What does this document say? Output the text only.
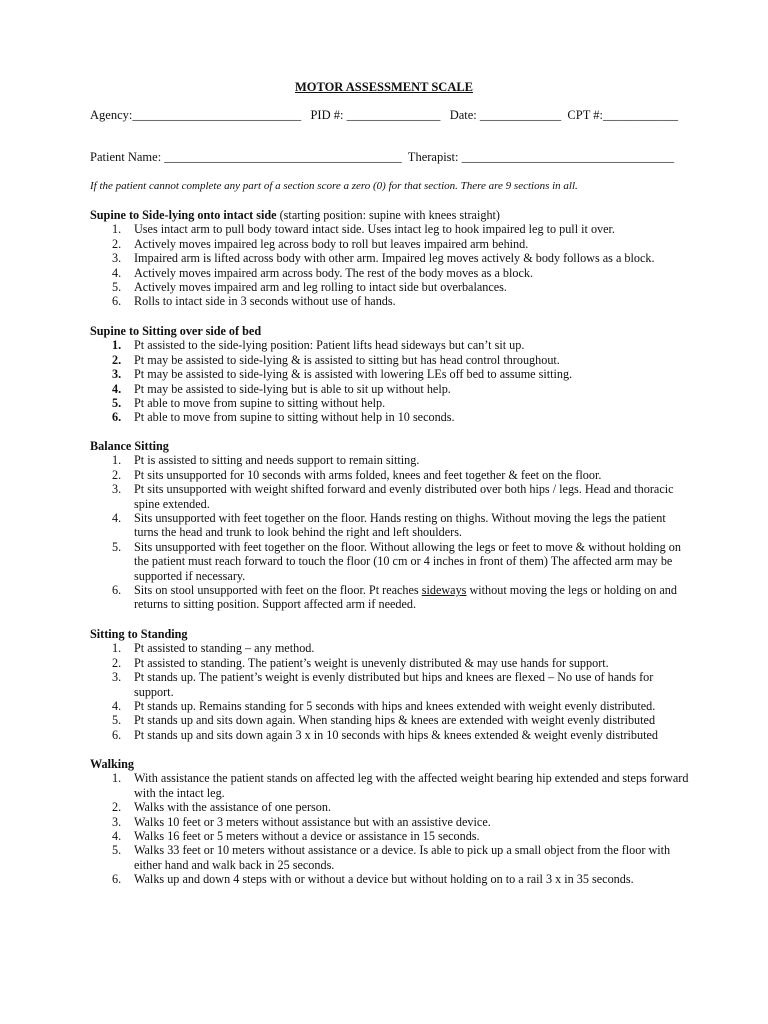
MOTOR ASSESSMENT SCALE
Agency:___________________________   PID #: _______________   Date: _____________  CPT #:____________
Patient Name: ______________________________________  Therapist: __________________________________
If the patient cannot complete any part of a section score a zero (0) for that section. There are 9 sections in all.
Supine to Side-lying onto intact side (starting position: supine with knees straight)
1.	Uses intact arm to pull body toward intact side. Uses intact leg to hook impaired leg to pull it over.
2.	Actively moves impaired leg across body to roll but leaves impaired arm behind.
3.	Impaired arm is lifted across body with other arm. Impaired leg moves actively & body follows as a block.
4.	Actively moves impaired arm across body. The rest of the body moves as a block.
5.	Actively moves impaired arm and leg rolling to intact side but overbalances.
6.	Rolls to intact side in 3 seconds without use of hands.
Supine to Sitting over side of bed
1.	Pt assisted to the side-lying position: Patient lifts head sideways but can’t sit up.
2.	Pt may be assisted to side-lying & is assisted to sitting but has head control throughout.
3.	Pt may be assisted to side-lying & is assisted with lowering LEs off bed to assume sitting.
4.	Pt may be assisted to side-lying but is able to sit up without help.
5.	Pt able to move from supine to sitting without help.
6.	Pt able to move from supine to sitting without help in 10 seconds.
Balance Sitting
1.	Pt is assisted to sitting and needs support to remain sitting.
2.	Pt sits unsupported for 10 seconds with arms folded, knees and feet together & feet on the floor.
3.	Pt sits unsupported with weight shifted forward and evenly distributed over both hips / legs. Head and thoracic spine extended.
4.	Sits unsupported with feet together on the floor. Hands resting on thighs. Without moving the legs the patient turns the head and trunk to look behind the right and left shoulders.
5.	Sits unsupported with feet together on the floor. Without allowing the legs or feet to move & without holding on the patient must reach forward to touch the floor (10 cm or 4 inches in front of them) The affected arm may be supported if necessary.
6.	Sits on stool unsupported with feet on the floor. Pt reaches sideways without moving the legs or holding on and returns to sitting position. Support affected arm if needed.
Sitting to Standing
1.	Pt assisted to standing – any method.
2.	Pt assisted to standing. The patient’s weight is unevenly distributed & may use hands for support.
3.	Pt stands up. The patient’s weight is evenly distributed but hips and knees are flexed – No use of hands for support.
4.	Pt stands up. Remains standing for 5 seconds with hips and knees extended with weight evenly distributed.
5.	Pt stands up and sits down again. When standing hips & knees are extended with weight evenly distributed
6.	Pt stands up and sits down again 3 x in 10 seconds with hips & knees extended & weight evenly distributed
Walking
1.	With assistance the patient stands on affected leg with the affected weight bearing hip extended and steps forward with the intact leg.
2.	Walks with the assistance of one person.
3.	Walks 10 feet or 3 meters without assistance but with an assistive device.
4.	Walks 16 feet or 5 meters without a device or assistance in 15 seconds.
5.	Walks 33 feet or 10 meters without assistance or a device. Is able to pick up a small object from the floor with either hand and walk back in 25 seconds.
6.	Walks up and down 4 steps with or without a device but without holding on to a rail 3 x in 35 seconds.
